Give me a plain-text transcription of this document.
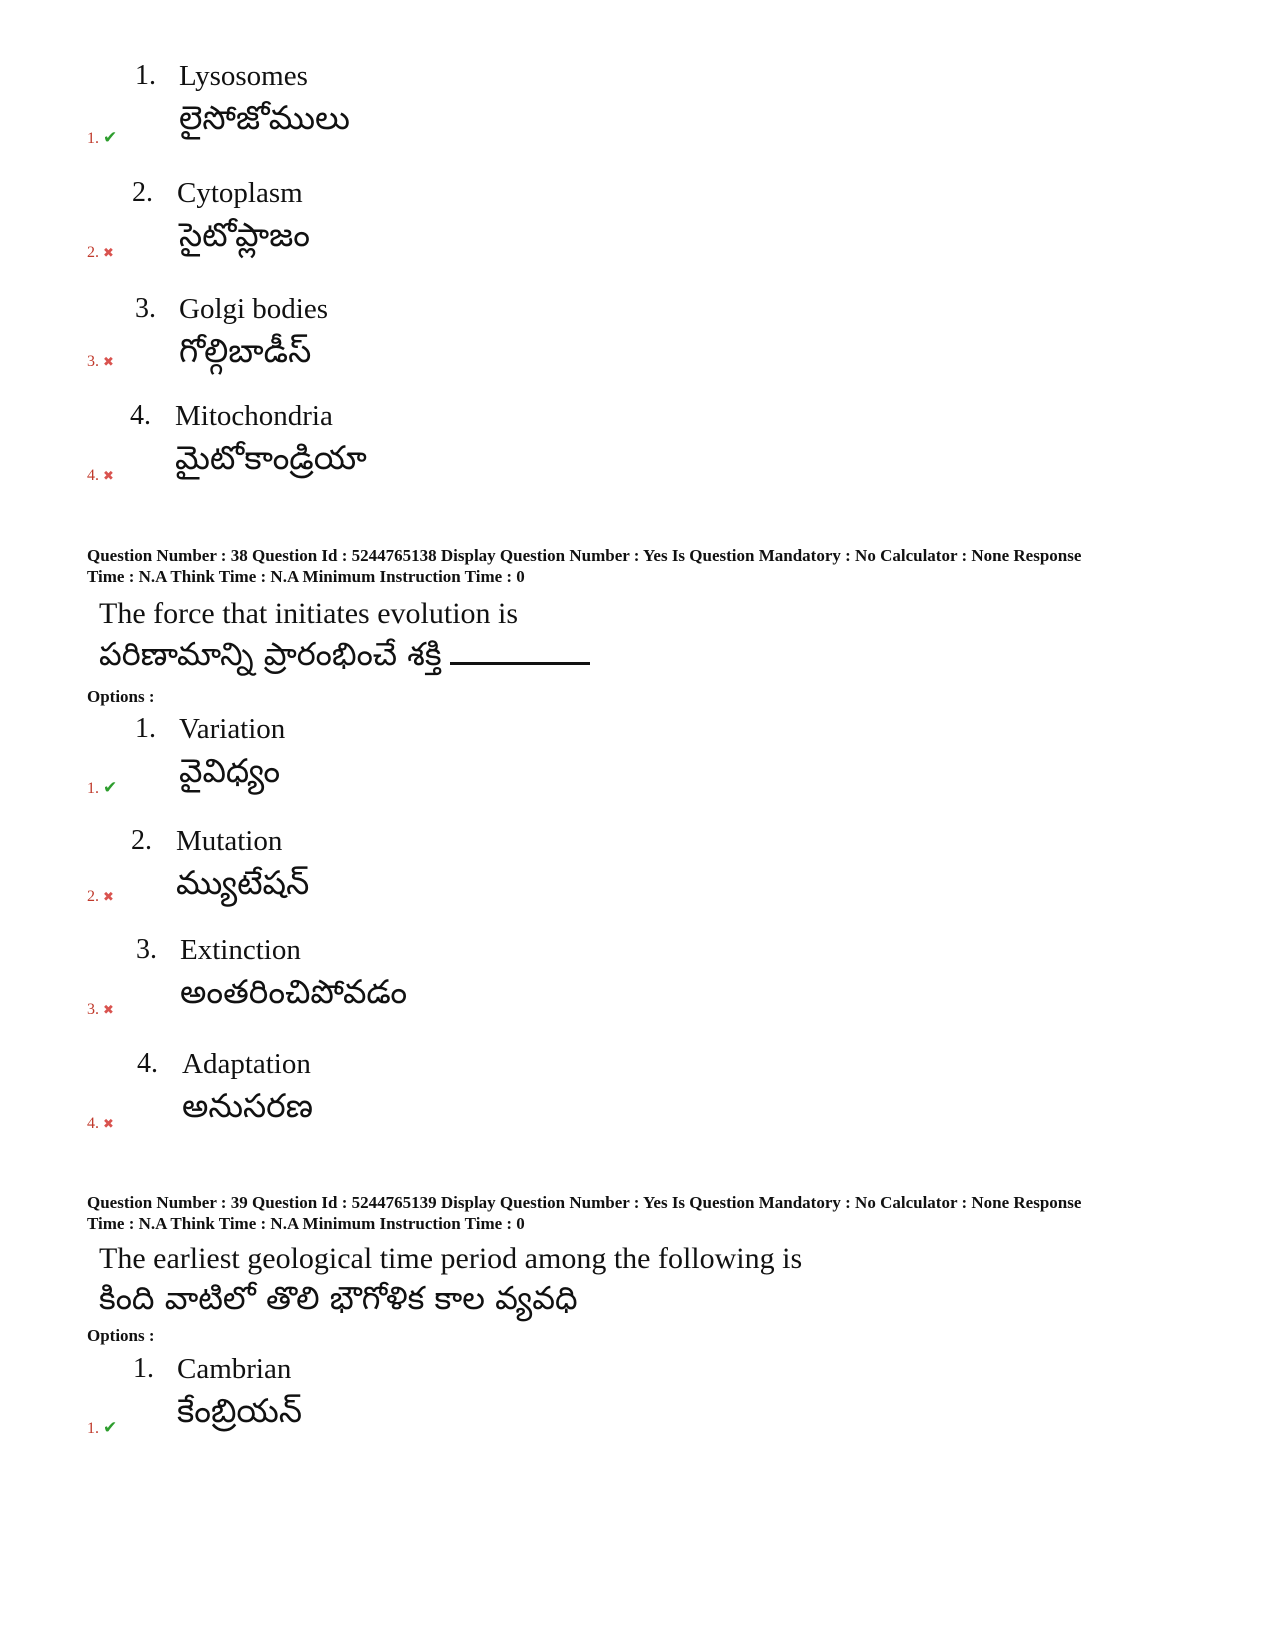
1. Lysosomes
లైసోజోములు
1. ✔
2. Cytoplasm
సైటోప్లాజం
2. ✖
3. Golgi bodies
గోల్గిబాడీస్
3. ✖
4. Mitochondria
మైటోకాండ్రియా
4. ✖
Question Number : 38 Question Id : 5244765138 Display Question Number : Yes Is Question Mandatory : No Calculator : None Response
Time : N.A Think Time : N.A Minimum Instruction Time : 0
The force that initiates evolution is
పరిణామాన్ని ప్రారంభించే శక్తి
Options :
1. Variation
వైవిధ్యం
1. ✔
2. Mutation
మ్యుటేషన్
2. ✖
3. Extinction
అంతరించిపోవడం
3. ✖
4. Adaptation
అనుసరణ
4. ✖
Question Number : 39 Question Id : 5244765139 Display Question Number : Yes Is Question Mandatory : No Calculator : None Response
Time : N.A Think Time : N.A Minimum Instruction Time : 0
The earliest geological time period among the following is
కింది వాటిలో తొలి భౌగోళిక కాల వ్యవధి
Options :
1. Cambrian
కేంబ్రియన్
1. ✔
